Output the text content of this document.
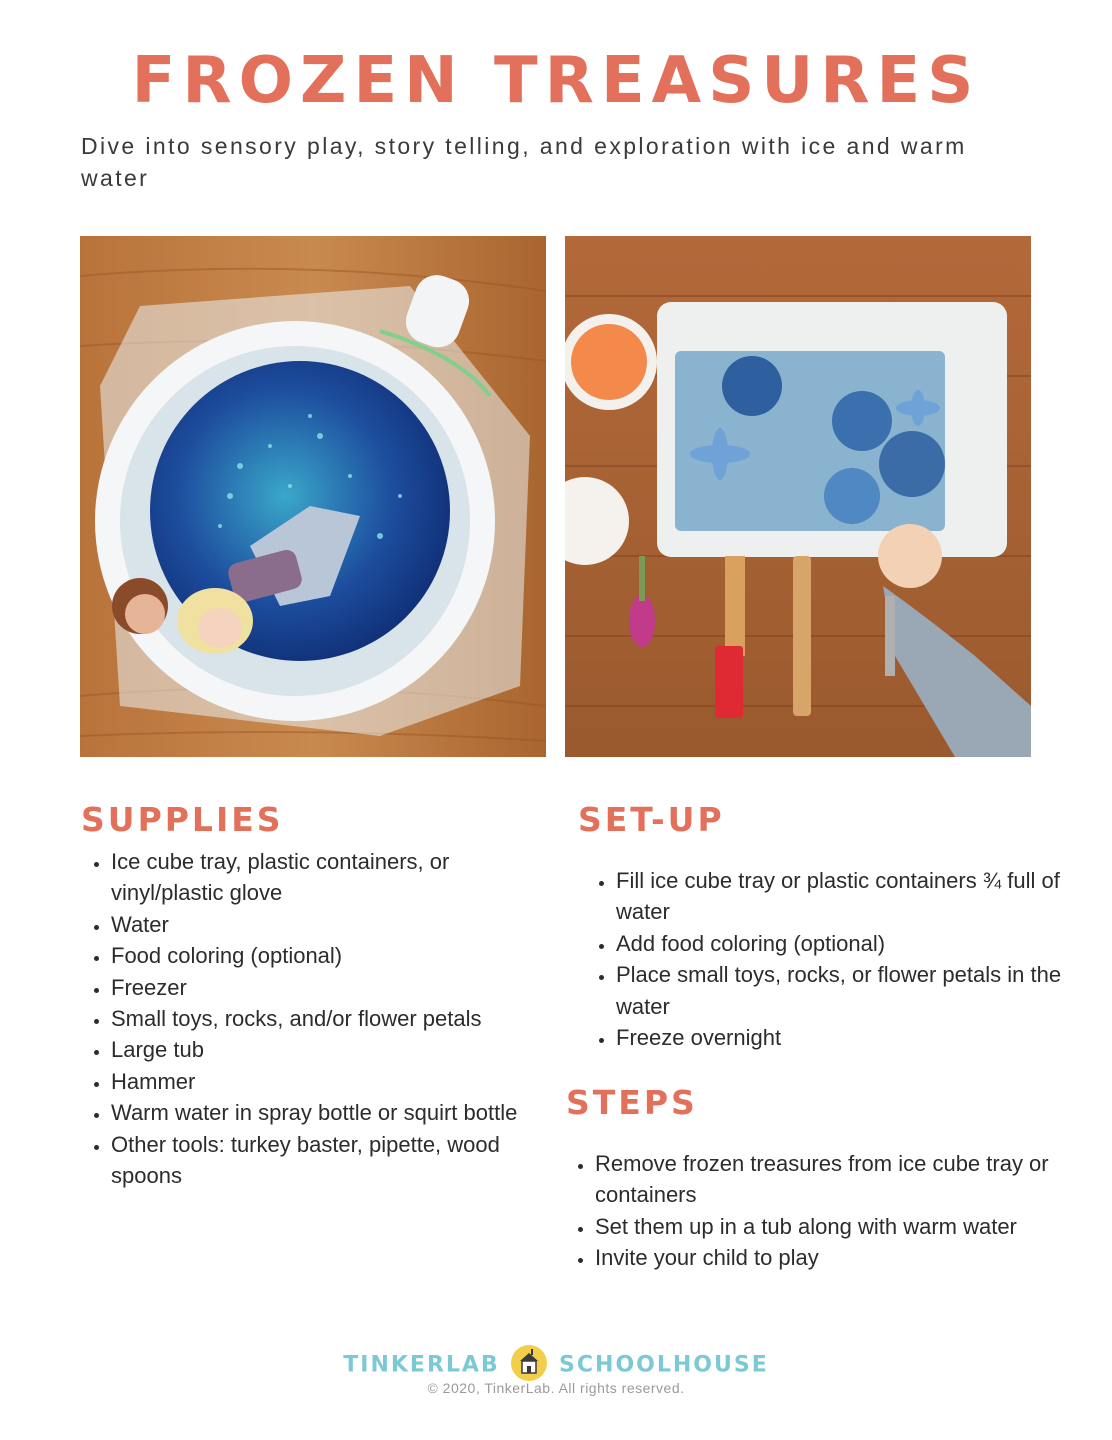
FROZEN TREASURES
Dive into sensory play, story telling, and exploration with ice and warm water
SUPPLIES
• Ice cube tray, plastic containers, or vinyl/plastic glove
• Water
• Food coloring (optional)
• Freezer
• Small toys, rocks, and/or flower petals
• Large tub
• Hammer
• Warm water in spray bottle or squirt bottle
• Other tools: turkey baster, pipette, wood spoons
SET-UP
• Fill ice cube tray or plastic containers ¾ full of water
• Add food coloring (optional)
• Place small toys, rocks, or flower petals in the water
• Freeze overnight
STEPS
• Remove frozen treasures from ice cube tray or containers
• Set them up in a tub along with warm water
• Invite your child to play
TINKERLAB	SCHOOLHOUSE
© 2020, TinkerLab. All rights reserved.
